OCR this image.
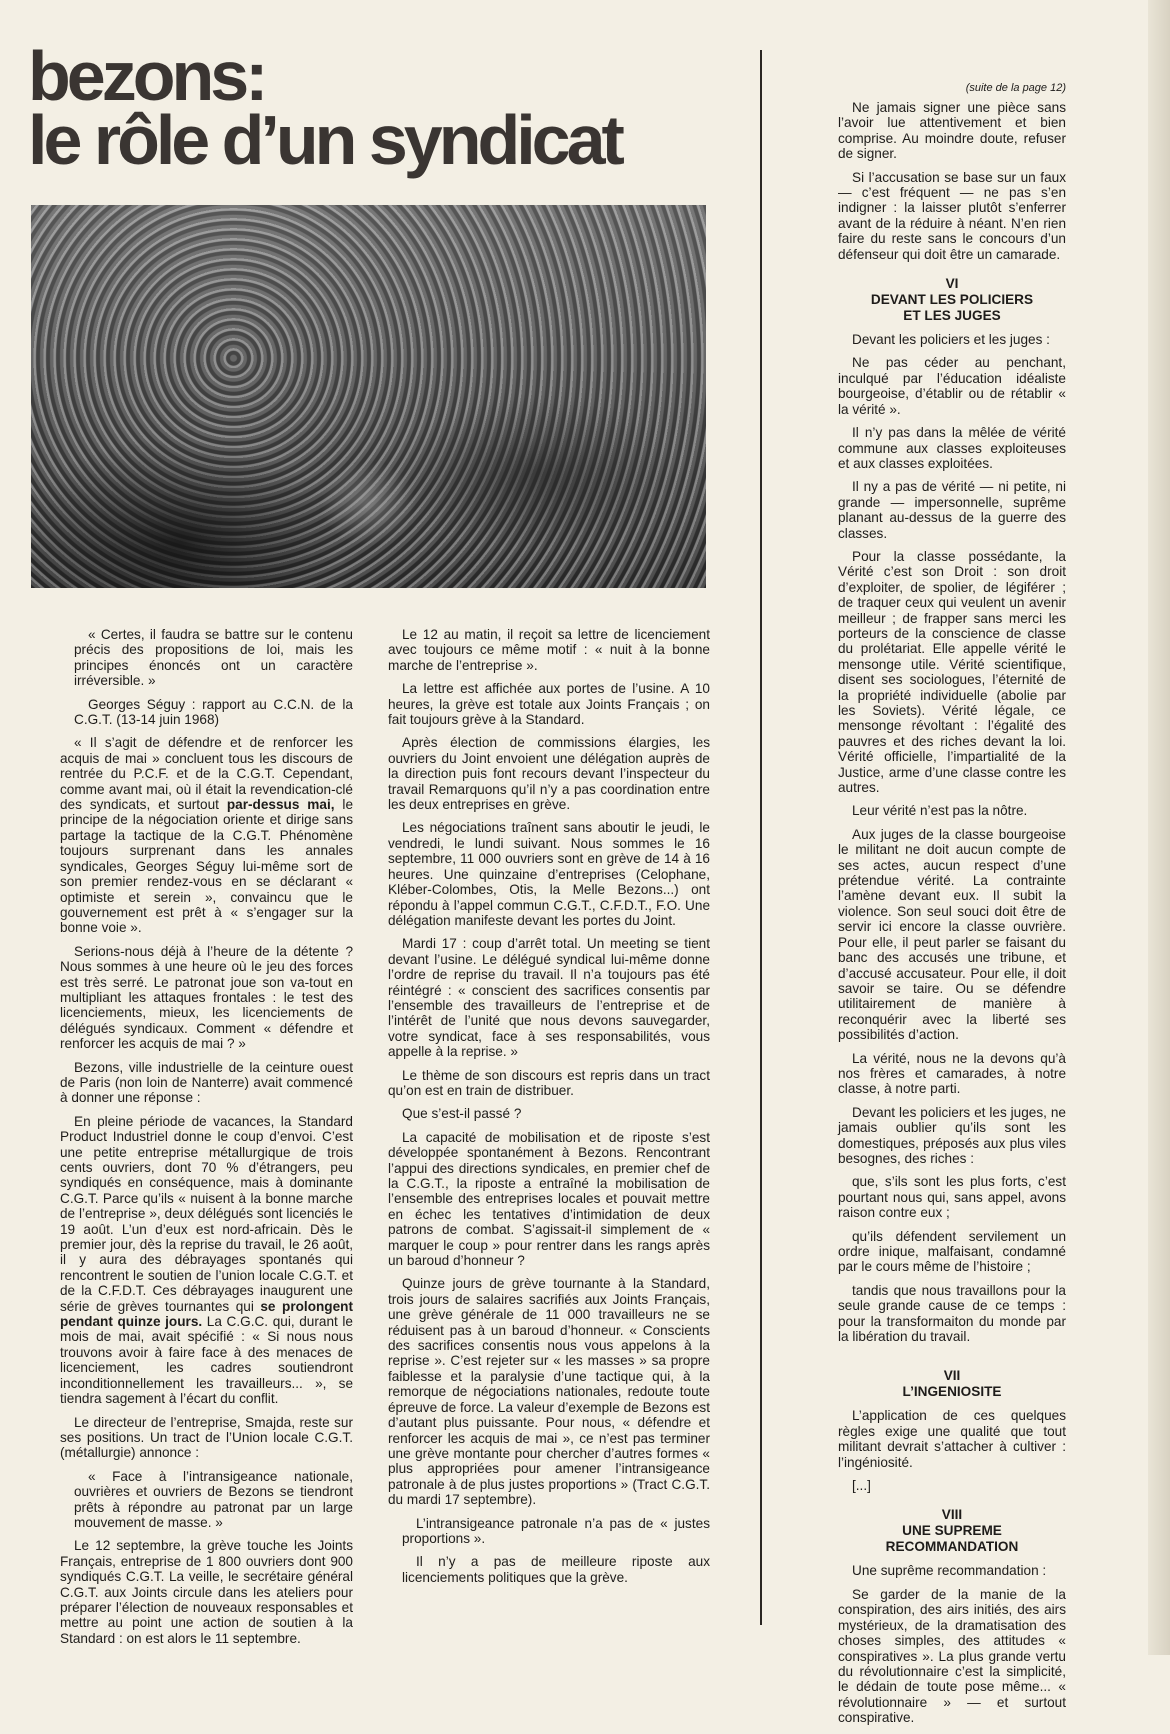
bezons:
le rôle d’un syndicat

« Certes, il faudra se battre sur le contenu précis des propositions de loi, mais les principes énoncés ont un caractère irréversible. »

Georges Séguy : rapport au C.C.N. de la C.G.T. (13-14 juin 1968)

« Il s’agit de défendre et de renforcer les acquis de mai » concluent tous les discours de rentrée du P.C.F. et de la C.G.T. Cependant, comme avant mai, où il était la revendication-clé des syndicats, et surtout par-dessus mai, le principe de la négociation oriente et dirige sans partage la tactique de la C.G.T. Phénomène toujours surprenant dans les annales syndicales, Georges Séguy lui-même sort de son premier rendez-vous en se déclarant « optimiste et serein », convaincu que le gouvernement est prêt à « s’engager sur la bonne voie ».

Serions-nous déjà à l’heure de la détente ? Nous sommes à une heure où le jeu des forces est très serré. Le patronat joue son va-tout en multipliant les attaques frontales : le test des licenciements, mieux, les licenciements de délégués syndicaux. Comment « défendre et renforcer les acquis de mai ? »

Bezons, ville industrielle de la ceinture ouest de Paris (non loin de Nanterre) avait commencé à donner une réponse :

En pleine période de vacances, la Standard Product Industriel donne le coup d’envoi. C’est une petite entreprise métallurgique de trois cents ouvriers, dont 70 % d’étrangers, peu syndiqués en conséquence, mais à dominante C.G.T. Parce qu’ils « nuisent à la bonne marche de l’entreprise », deux délégués sont licenciés le 19 août. L’un d’eux est nord-africain. Dès le premier jour, dès la reprise du travail, le 26 août, il y aura des débrayages spontanés qui rencontrent le soutien de l’union locale C.G.T. et de la C.F.D.T. Ces débrayages inaugurent une série de grèves tournantes qui se prolongent pendant quinze jours. La C.G.C. qui, durant le mois de mai, avait spécifié : « Si nous nous trouvons avoir à faire face à des menaces de licenciement, les cadres soutiendront inconditionnellement les travailleurs... », se tiendra sagement à l’écart du conflit.

Le directeur de l’entreprise, Smajda, reste sur ses positions. Un tract de l’Union locale C.G.T. (métallurgie) annonce :

« Face à l’intransigeance nationale, ouvrières et ouvriers de Bezons se tiendront prêts à répondre au patronat par un large mouvement de masse. »

Le 12 septembre, la grève touche les Joints Français, entreprise de 1 800 ouvriers dont 900 syndiqués C.G.T. La veille, le secrétaire général C.G.T. aux Joints circule dans les ateliers pour préparer l’élection de nouveaux responsables et mettre au point une action de soutien à la Standard : on est alors le 11 septembre.

Le 12 au matin, il reçoit sa lettre de licenciement avec toujours ce même motif : « nuit à la bonne marche de l’entreprise ».

La lettre est affichée aux portes de l’usine. A 10 heures, la grève est totale aux Joints Français ; on fait toujours grève à la Standard.

Après élection de commissions élargies, les ouvriers du Joint envoient une délégation auprès de la direction puis font recours devant l’inspecteur du travail Remarquons qu’il n’y a pas coordination entre les deux entreprises en grève.

Les négociations traînent sans aboutir le jeudi, le vendredi, le lundi suivant. Nous sommes le 16 septembre, 11 000 ouvriers sont en grève de 14 à 16 heures. Une quinzaine d’entreprises (Celophane, Kléber-Colombes, Otis, la Melle Bezons...) ont répondu à l’appel commun C.G.T., C.F.D.T., F.O. Une délégation manifeste devant les portes du Joint.

Mardi 17 : coup d’arrêt total. Un meeting se tient devant l’usine. Le délégué syndical lui-même donne l’ordre de reprise du travail. Il n’a toujours pas été réintégré : « conscient des sacrifices consentis par l’ensemble des travailleurs de l’entreprise et de l’intérêt de l’unité que nous devons sauvegarder, votre syndicat, face à ses responsabilités, vous appelle à la reprise. »

Le thème de son discours est repris dans un tract qu’on est en train de distribuer.

Que s’est-il passé ?

La capacité de mobilisation et de riposte s’est développée spontanément à Bezons. Rencontrant l’appui des directions syndicales, en premier chef de la C.G.T., la riposte a entraîné la mobilisation de l’ensemble des entreprises locales et pouvait mettre en échec les tentatives d’intimidation de deux patrons de combat. S’agissait-il simplement de « marquer le coup » pour rentrer dans les rangs après un baroud d’honneur ?

Quinze jours de grève tournante à la Standard, trois jours de salaires sacrifiés aux Joints Français, une grève générale de 11 000 travailleurs ne se réduisent pas à un baroud d’honneur. « Conscients des sacrifices consentis nous vous appelons à la reprise ». C’est rejeter sur « les masses » sa propre faiblesse et la paralysie d’une tactique qui, à la remorque de négociations nationales, redoute toute épreuve de force. La valeur d’exemple de Bezons est d’autant plus puissante. Pour nous, « défendre et renforcer les acquis de mai », ce n’est pas terminer une grève montante pour chercher d’autres formes « plus appropriées pour amener l’intransigeance patronale à de plus justes proportions » (Tract C.G.T. du mardi 17 septembre).

L’intransigeance patronale n’a pas de « justes proportions ».

Il n’y a pas de meilleure riposte aux licenciements politiques que la grève.

(suite de la page 12)

Ne jamais signer une pièce sans l’avoir lue attentivement et bien comprise. Au moindre doute, refuser de signer.

Si l’accusation se base sur un faux — c’est fréquent — ne pas s’en indigner : la laisser plutôt s’enferrer avant de la réduire à néant. N’en rien faire du reste sans le concours d’un défenseur qui doit être un camarade.

VI
DEVANT LES POLICIERS
ET LES JUGES

Devant les policiers et les juges :

Ne pas céder au penchant, inculqué par l’éducation idéaliste bourgeoise, d’établir ou de rétablir « la vérité ».

Il n’y pas dans la mêlée de vérité commune aux classes exploiteuses et aux classes exploitées.

Il ny a pas de vérité — ni petite, ni grande — impersonnelle, suprême planant au-dessus de la guerre des classes.

Pour la classe possédante, la Vérité c’est son Droit : son droit d’exploiter, de spolier, de légiférer ; de traquer ceux qui veulent un avenir meilleur ; de frapper sans merci les porteurs de la conscience de classe du prolétariat. Elle appelle vérité le mensonge utile. Vérité scientifique, disent ses sociologues, l’éternité de la propriété individuelle (abolie par les Soviets). Vérité légale, ce mensonge révoltant : l’égalité des pauvres et des riches devant la loi. Vérité officielle, l’impartialité de la Justice, arme d’une classe contre les autres.

Leur vérité n’est pas la nôtre.

Aux juges de la classe bourgeoise le militant ne doit aucun compte de ses actes, aucun respect d’une prétendue vérité. La contrainte l’amène devant eux. Il subit la violence. Son seul souci doit être de servir ici encore la classe ouvrière. Pour elle, il peut parler se faisant du banc des accusés une tribune, et d’accusé accusateur. Pour elle, il doit savoir se taire. Ou se défendre utilitairement de manière à reconquérir avec la liberté ses possibilités d’action.

La vérité, nous ne la devons qu’à nos frères et camarades, à notre classe, à notre parti.

Devant les policiers et les juges, ne jamais oublier qu’ils sont les domestiques, préposés aux plus viles besognes, des riches :

que, s’ils sont les plus forts, c’est pourtant nous qui, sans appel, avons raison contre eux ;

qu’ils défendent servilement un ordre inique, malfaisant, condamné par le cours même de l’histoire ;

tandis que nous travaillons pour la seule grande cause de ce temps : pour la transformaiton du monde par la libération du travail.

VII
L’INGENIOSITE

L’application de ces quelques règles exige une qualité que tout militant devrait s’attacher à cultiver : l’ingéniosité.

[...]

VIII
UNE SUPREME
RECOMMANDATION

Une suprême recommandation :

Se garder de la manie de la conspiration, des airs initiés, des airs mystérieux, de la dramatisation des choses simples, des attitudes « conspiratives ». La plus grande vertu du révolutionnaire c’est la simplicité, le dédain de toute pose même... « révolutionnaire » — et surtout conspirative.
